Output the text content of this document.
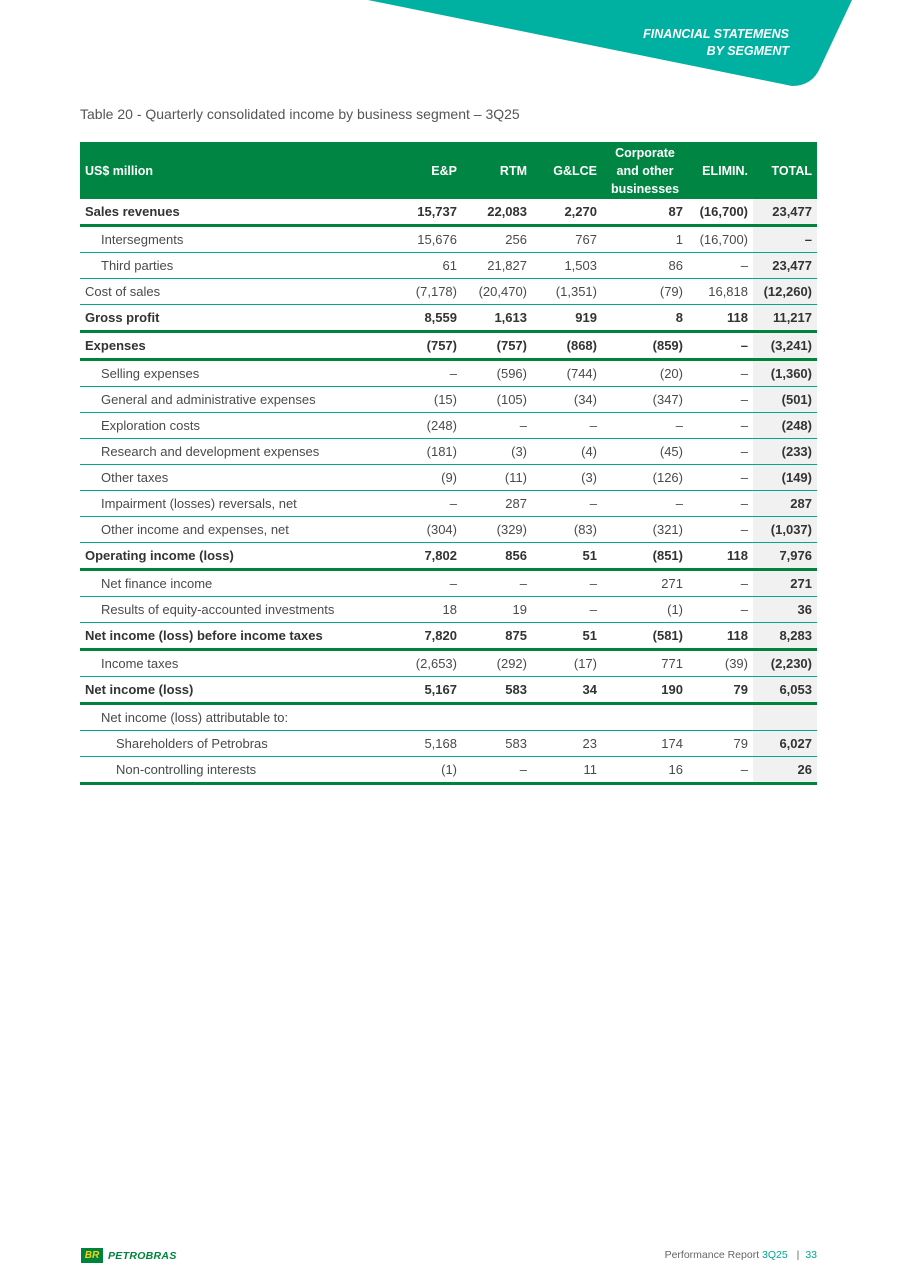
FINANCIAL STATEMENS
BY SEGMENT
Table 20 - Quarterly consolidated income by business segment – 3Q25
US$ million	E&P	RTM	G&LCE	Corporate and other businesses	ELIMIN.	TOTAL
Sales revenues	15,737	22,083	2,270	87	(16,700)	23,477
Intersegments	15,676	256	767	1	(16,700)	–
Third parties	61	21,827	1,503	86	–	23,477
Cost of sales	(7,178)	(20,470)	(1,351)	(79)	16,818	(12,260)
Gross profit	8,559	1,613	919	8	118	11,217
Expenses	(757)	(757)	(868)	(859)	–	(3,241)
Selling expenses	–	(596)	(744)	(20)	–	(1,360)
General and administrative expenses	(15)	(105)	(34)	(347)	–	(501)
Exploration costs	(248)	–	–	–	–	(248)
Research and development expenses	(181)	(3)	(4)	(45)	–	(233)
Other taxes	(9)	(11)	(3)	(126)	–	(149)
Impairment (losses) reversals, net	–	287	–	–	–	287
Other income and expenses, net	(304)	(329)	(83)	(321)	–	(1,037)
Operating income (loss)	7,802	856	51	(851)	118	7,976
Net finance income	–	–	–	271	–	271
Results of equity-accounted investments	18	19	–	(1)	–	36
Net income (loss) before income taxes	7,820	875	51	(581)	118	8,283
Income taxes	(2,653)	(292)	(17)	771	(39)	(2,230)
Net income (loss)	5,167	583	34	190	79	6,053
Net income (loss) attributable to:						
Shareholders of Petrobras	5,168	583	23	174	79	6,027
Non-controlling interests	(1)	–	11	16	–	26
BR PETROBRAS	Performance Report 3Q25 | 33
